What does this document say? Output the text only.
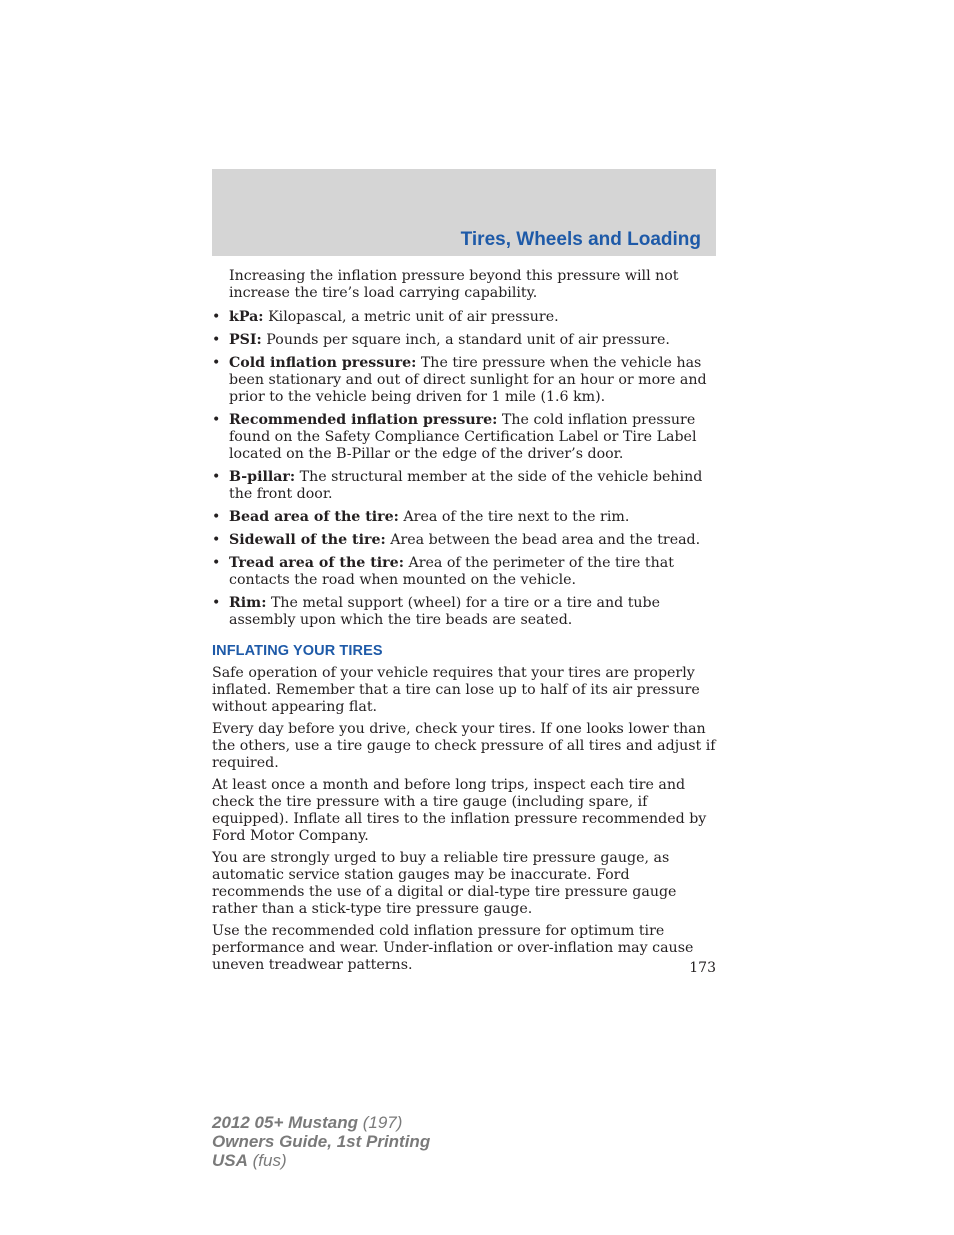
Tires, Wheels and Loading

Increasing the inflation pressure beyond this pressure will not increase the tire’s load carrying capability.

• kPa: Kilopascal, a metric unit of air pressure.
• PSI: Pounds per square inch, a standard unit of air pressure.
• Cold inflation pressure: The tire pressure when the vehicle has been stationary and out of direct sunlight for an hour or more and prior to the vehicle being driven for 1 mile (1.6 km).
• Recommended inflation pressure: The cold inflation pressure found on the Safety Compliance Certification Label or Tire Label located on the B-Pillar or the edge of the driver’s door.
• B-pillar: The structural member at the side of the vehicle behind the front door.
• Bead area of the tire: Area of the tire next to the rim.
• Sidewall of the tire: Area between the bead area and the tread.
• Tread area of the tire: Area of the perimeter of the tire that contacts the road when mounted on the vehicle.
• Rim: The metal support (wheel) for a tire or a tire and tube assembly upon which the tire beads are seated.
INFLATING YOUR TIRES

Safe operation of your vehicle requires that your tires are properly inflated. Remember that a tire can lose up to half of its air pressure without appearing flat.

Every day before you drive, check your tires. If one looks lower than the others, use a tire gauge to check pressure of all tires and adjust if required.

At least once a month and before long trips, inspect each tire and check the tire pressure with a tire gauge (including spare, if equipped). Inflate all tires to the inflation pressure recommended by Ford Motor Company.

You are strongly urged to buy a reliable tire pressure gauge, as automatic service station gauges may be inaccurate. Ford recommends the use of a digital or dial-type tire pressure gauge rather than a stick-type tire pressure gauge.

Use the recommended cold inflation pressure for optimum tire performance and wear. Under-inflation or over-inflation may cause uneven treadwear patterns.	173
2012 05+ Mustang (197)
Owners Guide, 1st Printing
USA (fus)
